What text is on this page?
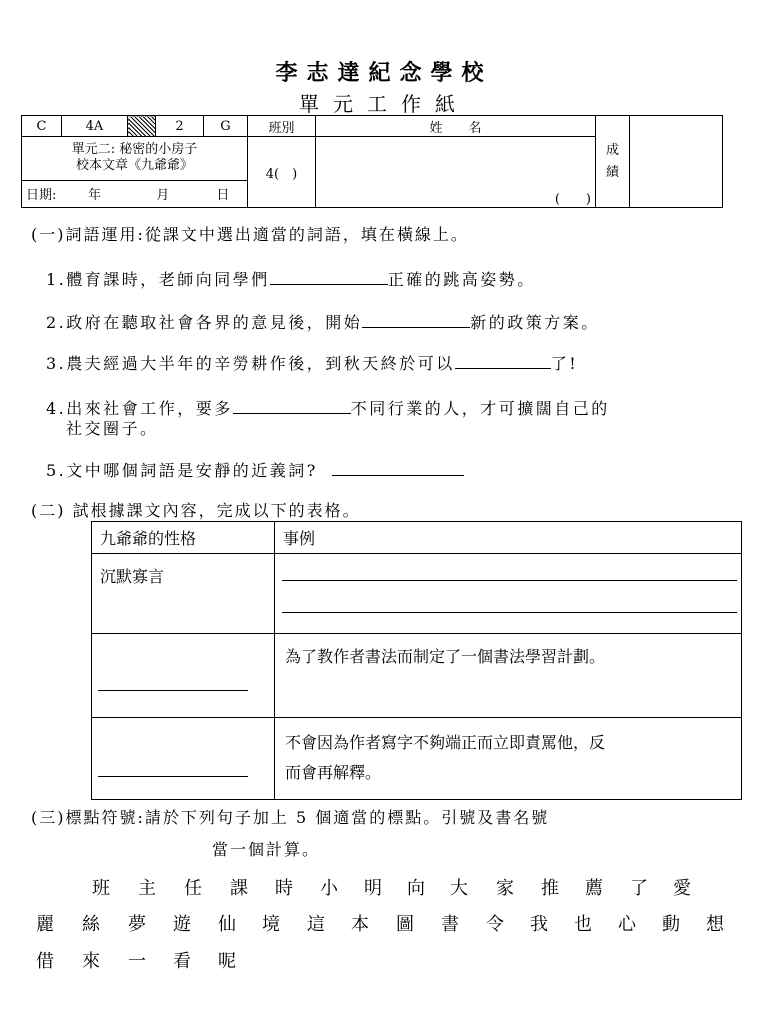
李志達紀念學校
單元工作紙
C	4A		2	G	班別	姓　　名	成
績	

單元二: 秘密的小房子
校本文章《九爺爺》					4(　)	(　　)		
日期: 年 月 日								
(一)詞語運用:從課文中選出適當的詞語，填在橫線上。
1.體育課時，老師向同學們	正確的跳高姿勢。
2.政府在聽取社會各界的意見後，開始	新的政策方案。
3.農夫經過大半年的辛勞耕作後，到秋天終於可以	了!
4.出來社會工作，要多	不同行業的人，才可擴闊自己的
社交圈子。
5.文中哪個詞語是安靜的近義詞?
(二) 試根據課文內容，完成以下的表格。
九爺爺的性格	事例
沉默寡言	
	為了教作者書法而制定了一個書法學習計劃。

	不會因為作者寫字不夠端正而立即責罵他，反
而會再解釋。
(三)標點符號:請於下列句子加上 5 個適當的標點。引號及書名號
當一個計算。
班 主 任 課 時 小 明 向 大 家 推 薦 了 愛
麗 絲 夢 遊 仙 境 這 本 圖 書 令 我 也 心 動 想
借 來 一 看 呢
